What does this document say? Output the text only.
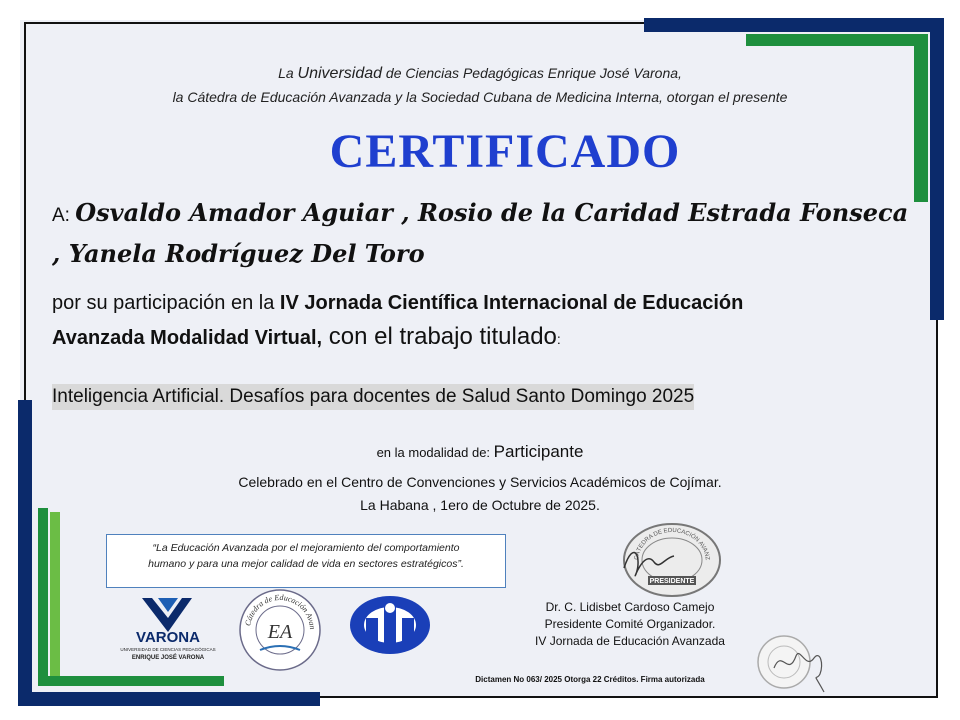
La Universidad de Ciencias Pedagógicas Enrique José Varona,
la Cátedra de Educación Avanzada y la Sociedad Cubana de Medicina Interna, otorgan el presente
CERTIFICADO
A: Osvaldo Amador Aguiar , Rosio de la Caridad Estrada Fonseca
, Yanela Rodríguez Del Toro
por su participación en la IV Jornada Científica Internacional de Educación
Avanzada Modalidad Virtual, con el trabajo titulado:
Inteligencia Artificial. Desafíos para docentes de Salud Santo Domingo 2025
en la modalidad de: Participante
Celebrado en el Centro de Convenciones y Servicios Académicos de Cojímar.
La Habana , 1ero de Octubre de 2025.
“La Educación Avanzada por el mejoramiento del comportamiento
humano y para una mejor calidad de vida en sectores estratégicos”.
VARONA
UNIVERSIDAD DE CIENCIAS PEDAGÓGICAS
ENRIQUE JOSÉ VARONA
Cátedra de Educación Avan
EA
CÁTEDRA DE EDUCACIÓN AVANZ
PRESIDENTE
Dr. C. Lidisbet Cardoso Camejo
Presidente Comité Organizador.
IV Jornada de Educación Avanzada
Dictamen No 063/ 2025 Otorga 22 Créditos. Firma autorizada
